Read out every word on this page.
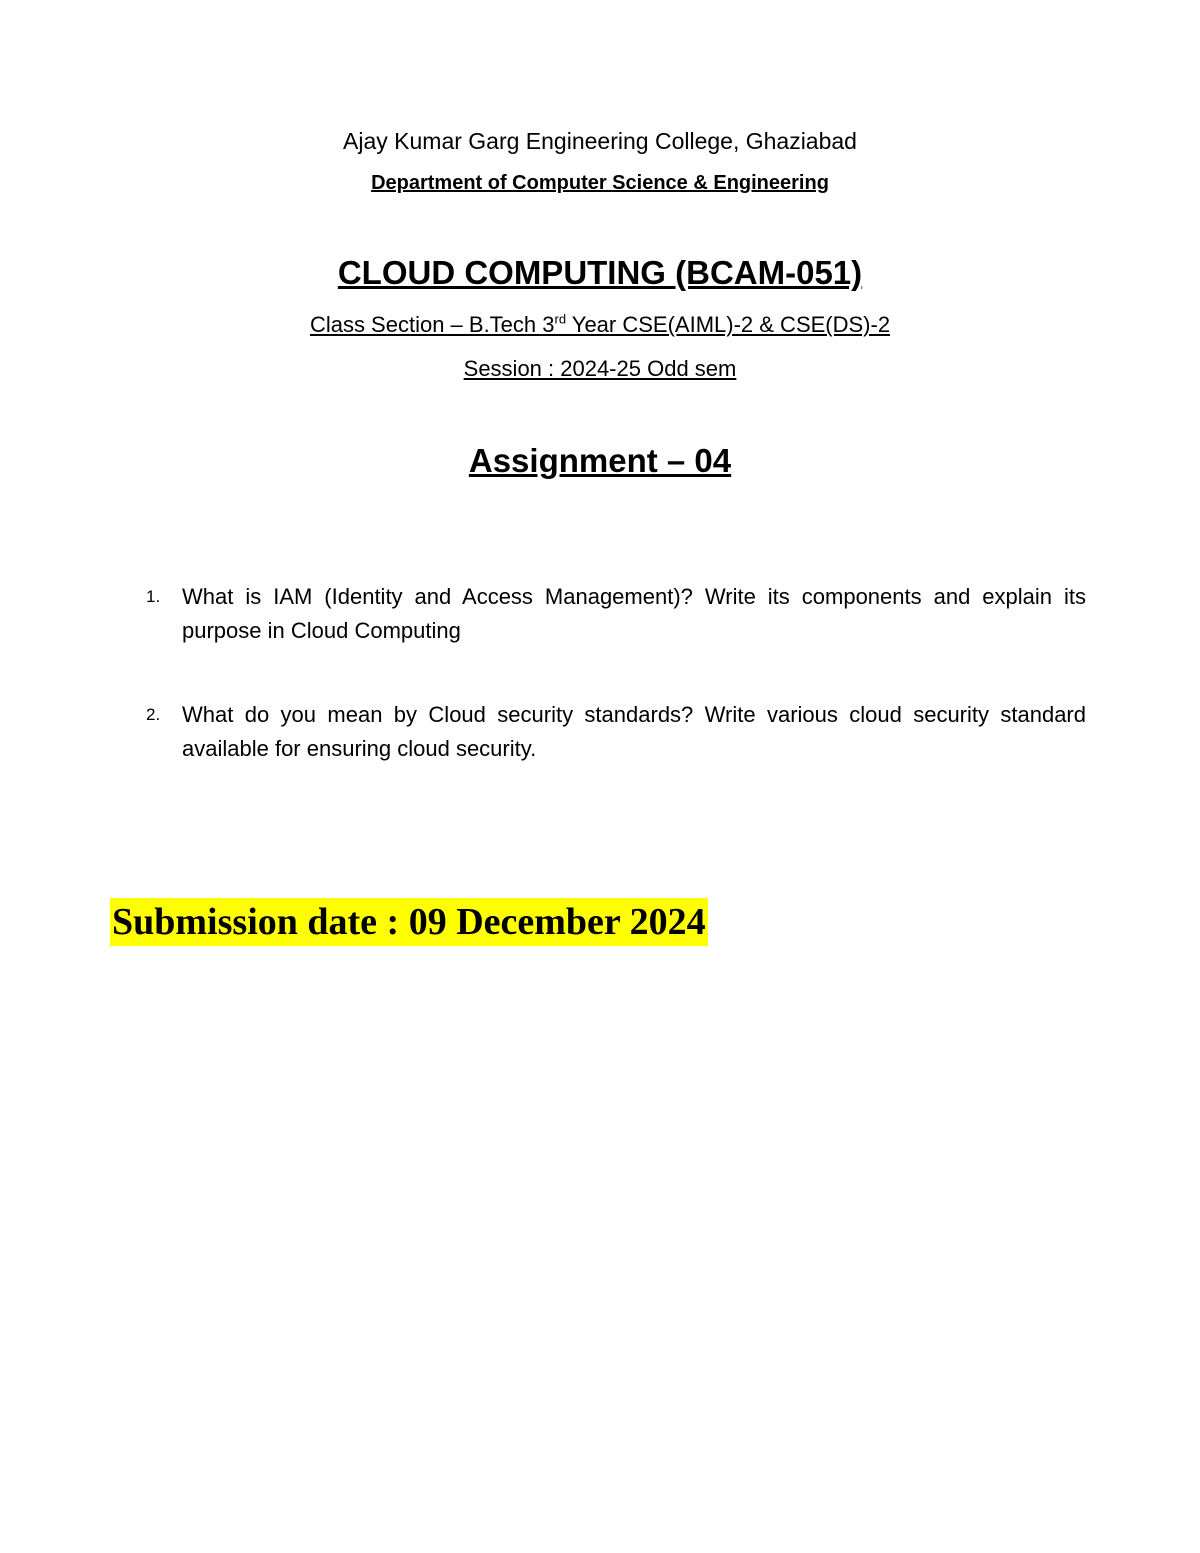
Ajay Kumar Garg Engineering College, Ghaziabad
Department of Computer Science & Engineering
CLOUD COMPUTING (BCAM-051)
Class Section – B.Tech 3rd Year CSE(AIML)-2 & CSE(DS)-2
Session : 2024-25 Odd sem
Assignment – 04
1. What is IAM (Identity and Access Management)? Write its components and explain its purpose in Cloud Computing
2. What do you mean by Cloud security standards? Write various cloud security standard available for ensuring cloud security.
Submission date : 09 December 2024
